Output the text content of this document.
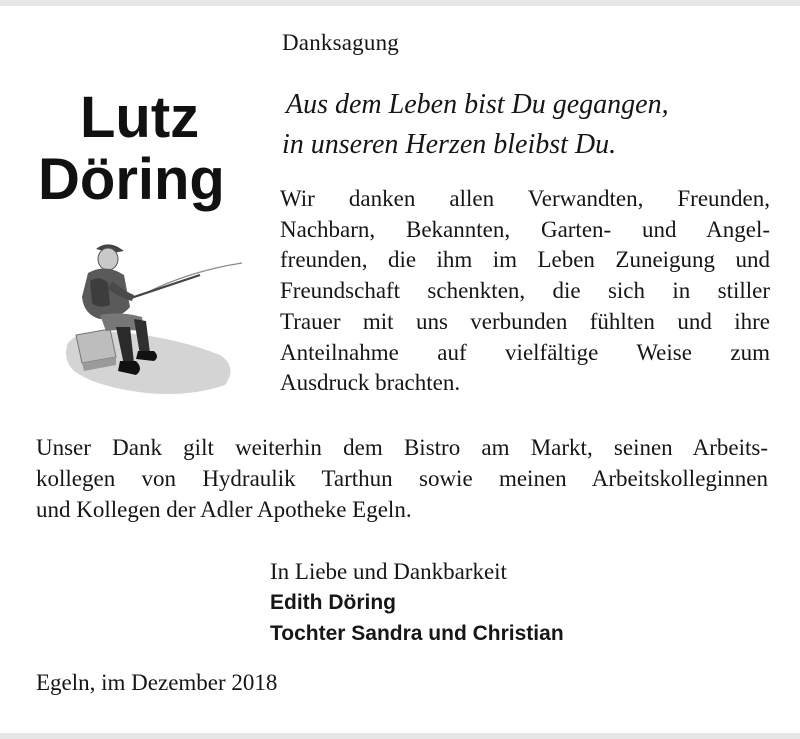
Danksagung
Lutz
Döring
Aus dem Leben bist Du gegangen,
in unseren Herzen bleibst Du.
Wir danken allen Verwandten, Freunden,
Nachbarn, Bekannten, Garten- und Angel-
freunden, die ihm im Leben Zuneigung und
Freundschaft schenkten, die sich in stiller
Trauer mit uns verbunden fühlten und ihre
Anteilnahme auf vielfältige Weise zum
Ausdruck brachten.
Unser Dank gilt weiterhin dem Bistro am Markt, seinen Arbeits-
kollegen von Hydraulik Tarthun sowie meinen Arbeitskolleginnen
und Kollegen der Adler Apotheke Egeln.
In Liebe und Dankbarkeit
Edith Döring
Tochter Sandra und Christian
Egeln, im Dezember 2018
